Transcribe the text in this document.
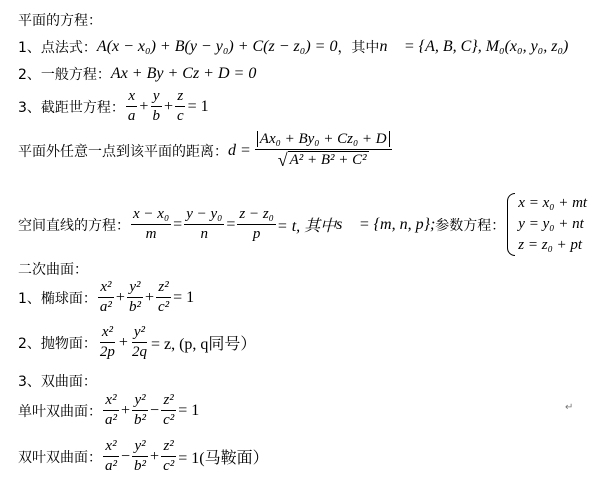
平面的方程：
1、点法式： A(x − x₀) + B(y − y₀) + C(z − z₀) = 0 ，其中 n⃗ = {A, B, C}, M₀(x₀, y₀, z₀)
2、一般方程： Ax + By + Cz + D = 0
3、截距世方程： $\frac{x}{a} + \frac{y}{b} + \frac{z}{c} = 1$
平面外任意一点到该平面的距离： $d = \frac{\text{Ax₀ + By₀ + Cz₀ + D}}{\text{√ A² + B² + C²}}$
空间直线的方程： $\frac{\text{x − x₀}}{m} = \frac{\text{y − y₀}}{n} = \frac{\text{z − z₀}}{p} = t$, 其中 s⃗ = {m, n, p}; 参数方程：
x = x₀ + mt
y = y₀ + nt
z = z₀ + pt
二次曲面：
1、椭球面： $\frac{\text{x²}}{\text{a²}} + \frac{\text{y²}}{\text{b²}} + \frac{\text{z²}}{\text{c²}} = 1$
2、抛物面： $\frac{\text{x²}}{2p} + \frac{\text{y²}}{2q} = z$, (p, q同号）
3、双曲面：
单叶双曲面： $\frac{\text{x²}}{\text{a²}} + \frac{\text{y²}}{\text{b²}} - \frac{\text{z²}}{\text{c²}} = 1$	↵
双叶双曲面： $\frac{\text{x²}}{\text{a²}} - \frac{\text{y²}}{\text{b²}} + \frac{\text{z²}}{\text{c²}} = 1$(马鞍面）
